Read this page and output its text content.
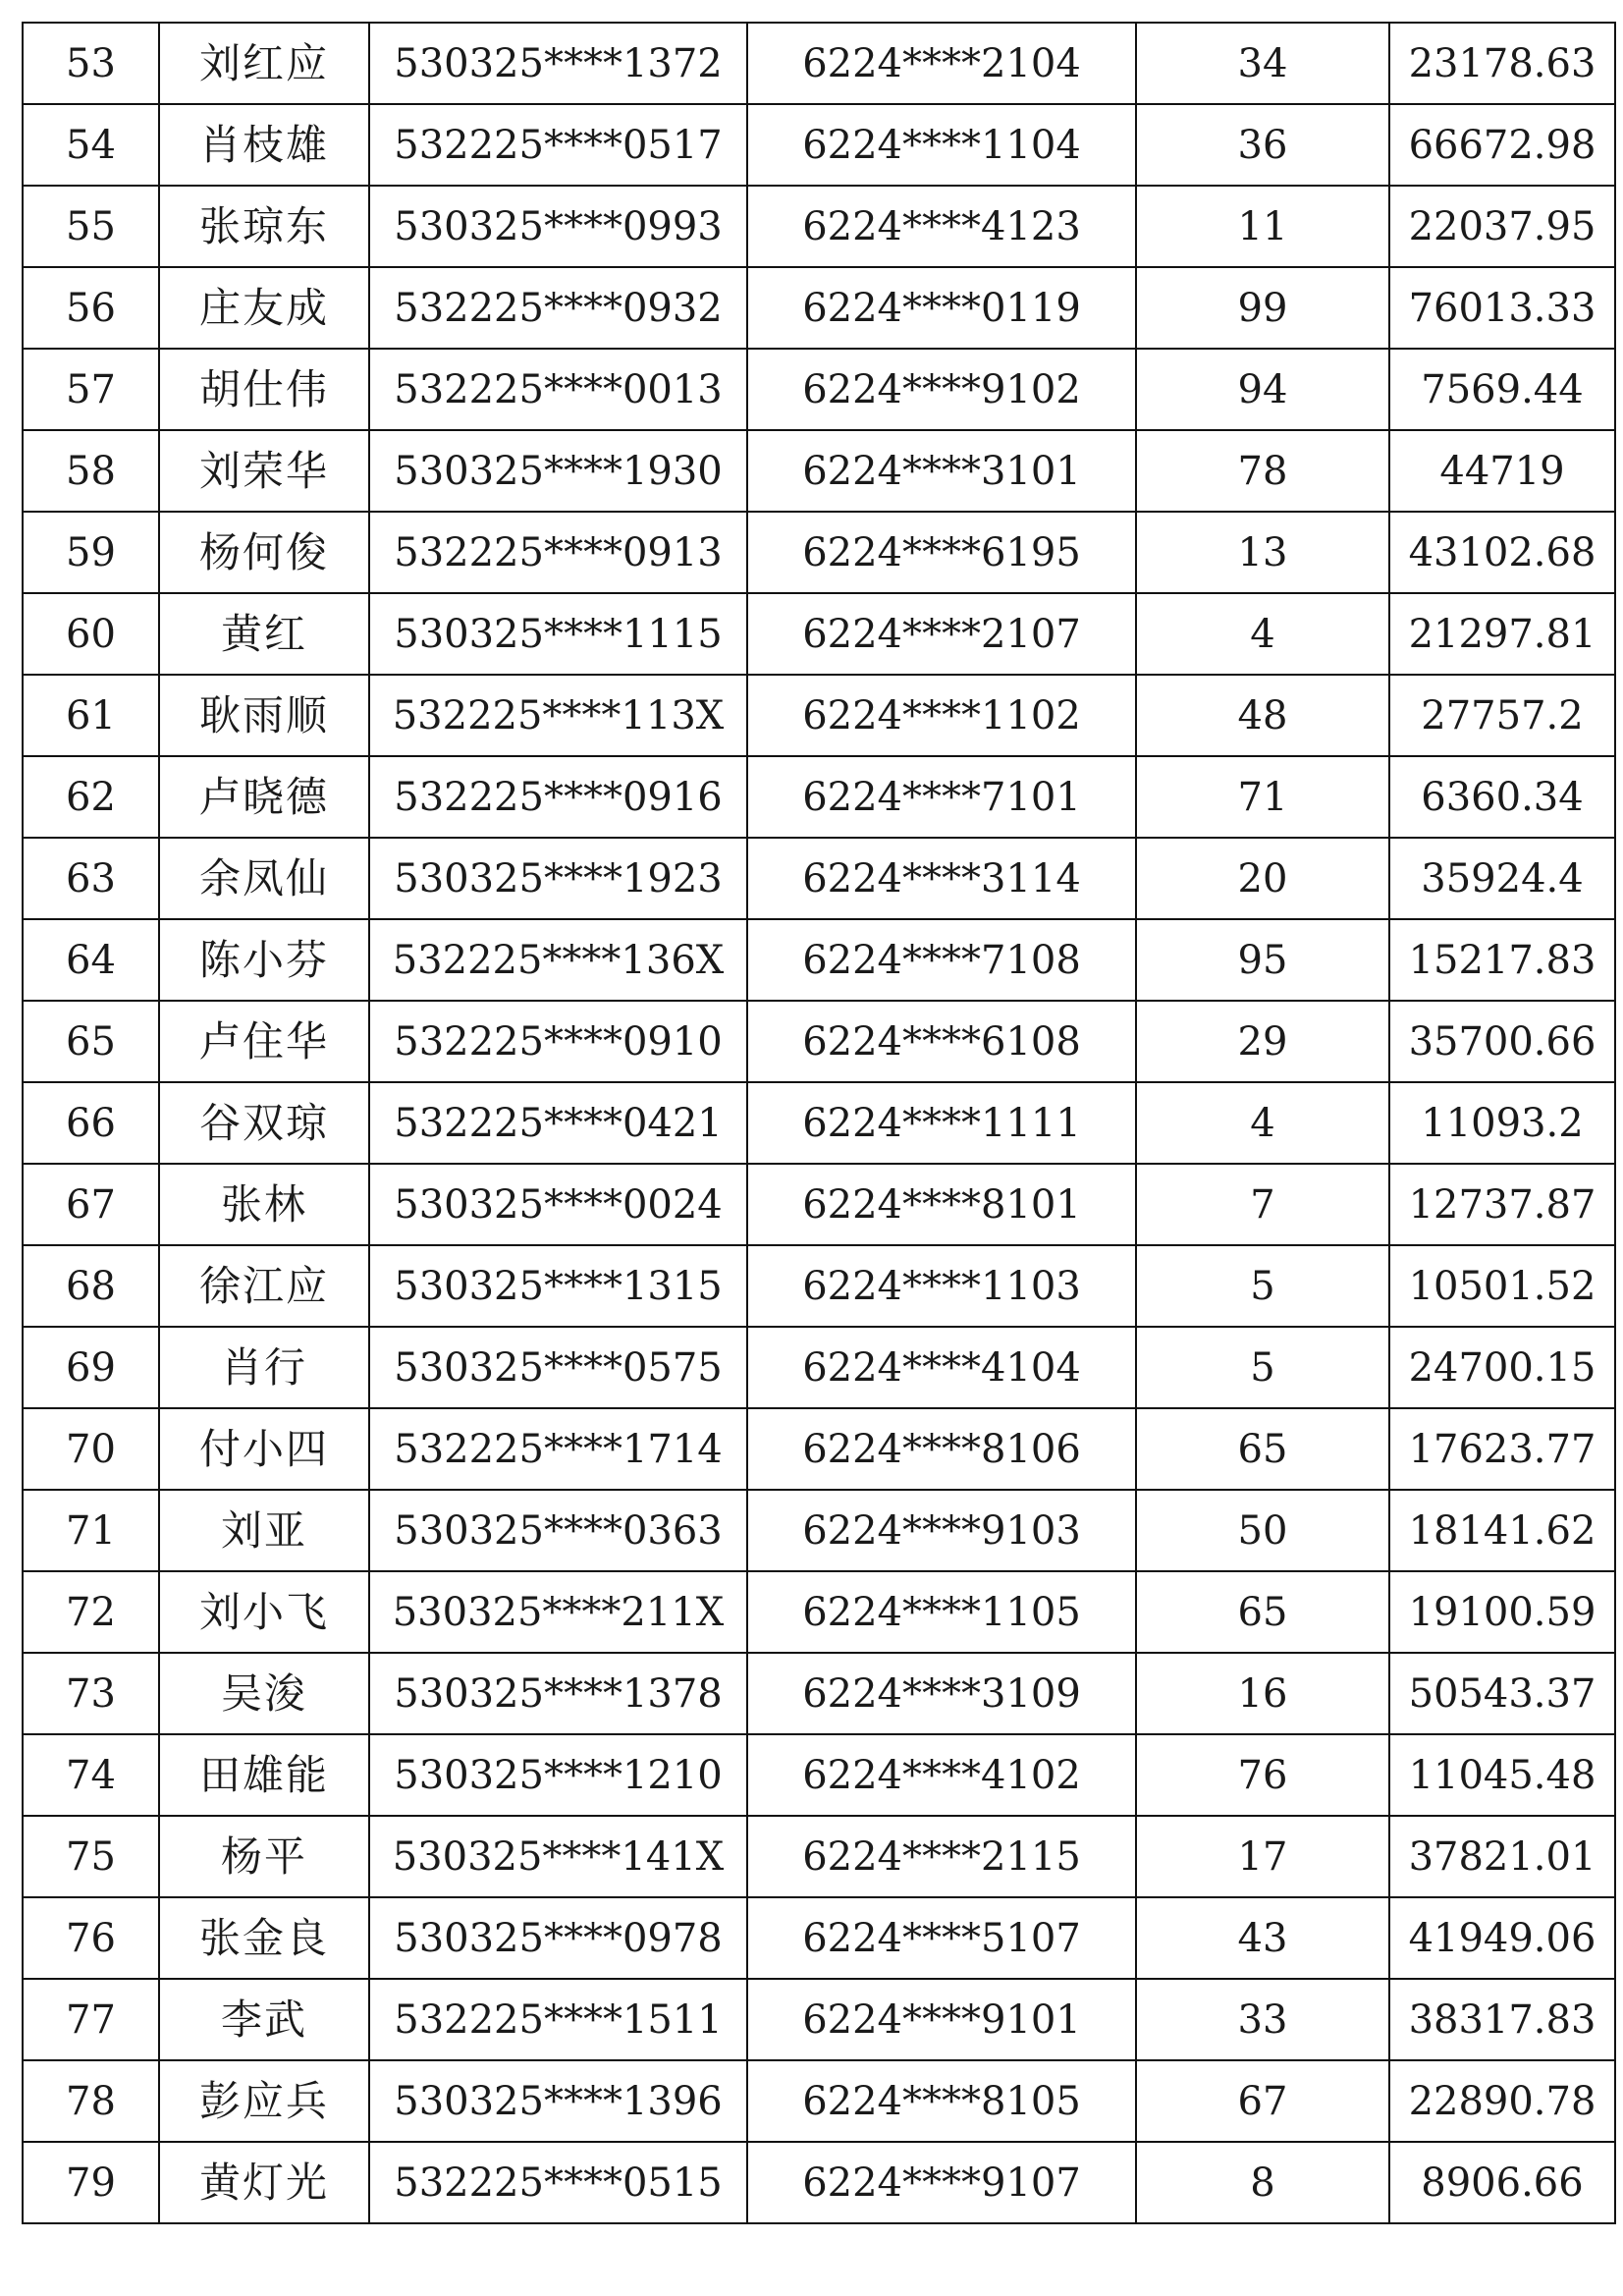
53	刘红应	530325****1372	6224****2104	34	23178.63
54	肖枝雄	532225****0517	6224****1104	36	66672.98
55	张琼东	530325****0993	6224****4123	11	22037.95
56	庄友成	532225****0932	6224****0119	99	76013.33
57	胡仕伟	532225****0013	6224****9102	94	7569.44
58	刘荣华	530325****1930	6224****3101	78	44719
59	杨何俊	532225****0913	6224****6195	13	43102.68
60	黄红	530325****1115	6224****2107	4	21297.81
61	耿雨顺	532225****113X	6224****1102	48	27757.2
62	卢晓德	532225****0916	6224****7101	71	6360.34
63	余凤仙	530325****1923	6224****3114	20	35924.4
64	陈小芬	532225****136X	6224****7108	95	15217.83
65	卢住华	532225****0910	6224****6108	29	35700.66
66	谷双琼	532225****0421	6224****1111	4	11093.2
67	张林	530325****0024	6224****8101	7	12737.87
68	徐江应	530325****1315	6224****1103	5	10501.52
69	肖行	530325****0575	6224****4104	5	24700.15
70	付小四	532225****1714	6224****8106	65	17623.77
71	刘亚	530325****0363	6224****9103	50	18141.62
72	刘小飞	530325****211X	6224****1105	65	19100.59
73	吴浚	530325****1378	6224****3109	16	50543.37
74	田雄能	530325****1210	6224****4102	76	11045.48
75	杨平	530325****141X	6224****2115	17	37821.01
76	张金良	530325****0978	6224****5107	43	41949.06
77	李武	532225****1511	6224****9101	33	38317.83
78	彭应兵	530325****1396	6224****8105	67	22890.78
79	黄灯光	532225****0515	6224****9107	8	8906.66
